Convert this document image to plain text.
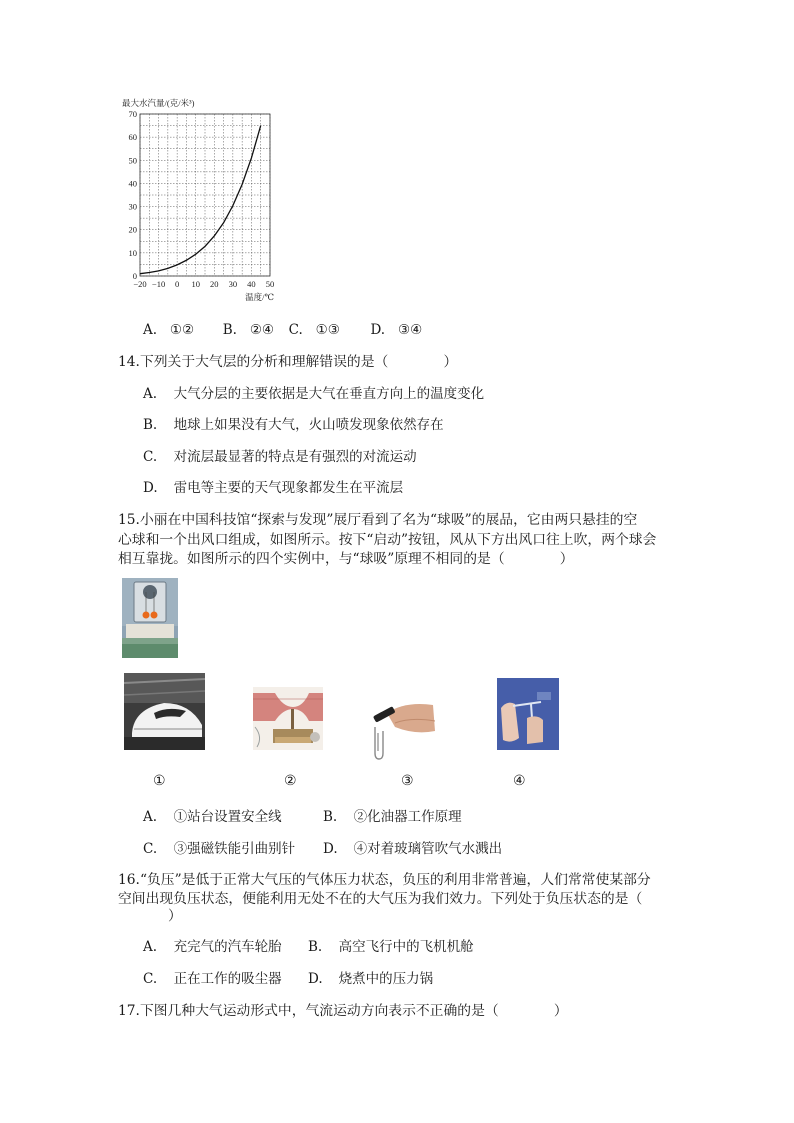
0
10
20
30
40
50
60
70
−20 −10 0 10 20 30 40 50
最大水汽量/(克/米³)
温度/℃
A. ①② B. ②④ C. ①③ D. ③④
14.下列关于大气层的分析和理解错误的是（　　　　）
A. 大气分层的主要依据是大气在垂直方向上的温度变化
B. 地球上如果没有大气，火山喷发现象依然存在
C. 对流层最显著的特点是有强烈的对流运动
D. 雷电等主要的天气现象都发生在平流层
15.小丽在中国科技馆“探索与发现”展厅看到了名为“球吸”的展品，它由两只悬挂的空
心球和一个出风口组成，如图所示。按下“启动”按钮，风从下方出风口往上吹，两个球会
相互靠拢。如图所示的四个实例中，与“球吸”原理不相同的是（　　　　）
①	②	③	④
A. ①站台设置安全线	B. ②化油器工作原理
C. ③强磁铁能引曲别针 D. ④对着玻璃管吹气水溅出
16.“负压”是低于正常大气压的气体压力状态，负压的利用非常普遍，人们常常使某部分
空间出现负压状态，便能利用无处不在的大气压为我们效力。下列处于负压状态的是（
）
A. 充完气的汽车轮胎 B. 高空飞行中的飞机机舱
C. 正在工作的吸尘器 D. 烧煮中的压力锅
17.下图几种大气运动形式中，气流运动方向表示不正确的是（　　　　）
